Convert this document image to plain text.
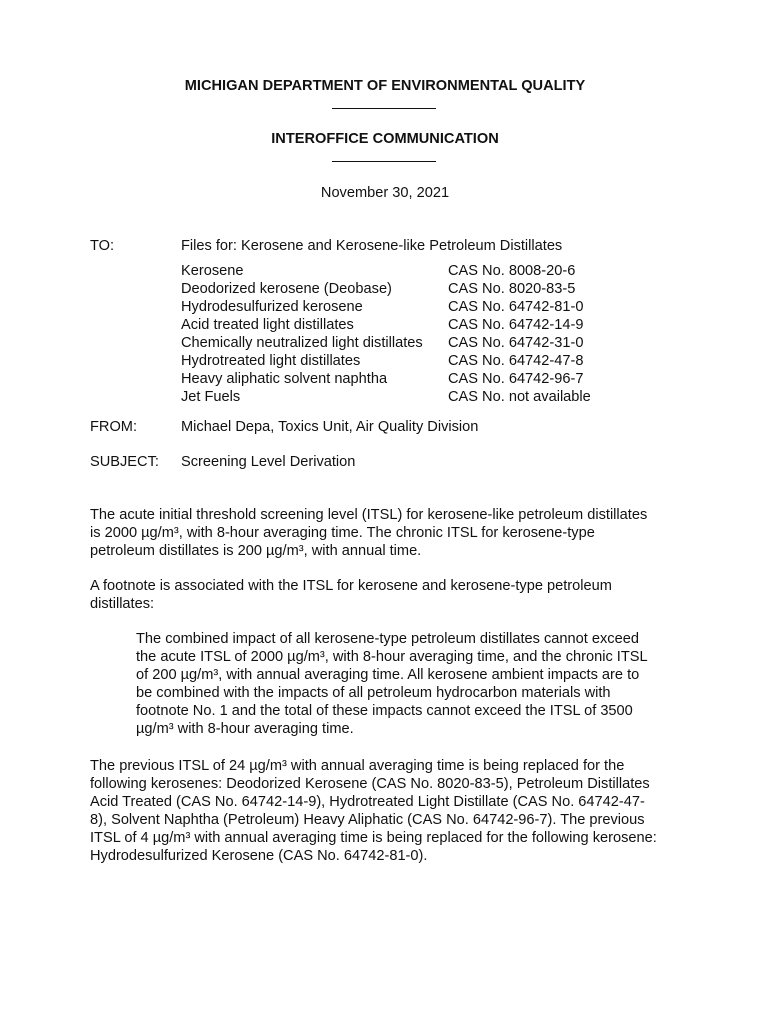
MICHIGAN DEPARTMENT OF ENVIRONMENTAL QUALITY
INTEROFFICE COMMUNICATION
November 30, 2021
TO:	Files for: Kerosene and Kerosene-like Petroleum Distillates
Kerosene	CAS No. 8008-20-6
Deodorized kerosene (Deobase)	CAS No. 8020-83-5
Hydrodesulfurized kerosene	CAS No. 64742-81-0
Acid treated light distillates	CAS No. 64742-14-9
Chemically neutralized light distillates	CAS No. 64742-31-0
Hydrotreated light distillates	CAS No. 64742-47-8
Heavy aliphatic solvent naphtha	CAS No. 64742-96-7
Jet Fuels	CAS No. not available
FROM:	Michael Depa, Toxics Unit, Air Quality Division
SUBJECT: Screening Level Derivation

The acute initial threshold screening level (ITSL) for kerosene-like petroleum distillates
is 2000 µg/m³, with 8-hour averaging time. The chronic ITSL for kerosene-type
petroleum distillates is 200 µg/m³, with annual time.

A footnote is associated with the ITSL for kerosene and kerosene-type petroleum
distillates:

The combined impact of all kerosene-type petroleum distillates cannot exceed
the acute ITSL of 2000 µg/m³, with 8-hour averaging time, and the chronic ITSL
of 200 µg/m³, with annual averaging time. All kerosene ambient impacts are to
be combined with the impacts of all petroleum hydrocarbon materials with
footnote No. 1 and the total of these impacts cannot exceed the ITSL of 3500
µg/m³ with 8-hour averaging time.

The previous ITSL of 24 µg/m³ with annual averaging time is being replaced for the
following kerosenes: Deodorized Kerosene (CAS No. 8020-83-5), Petroleum Distillates
Acid Treated (CAS No. 64742-14-9), Hydrotreated Light Distillate (CAS No. 64742-47-
8), Solvent Naphtha (Petroleum) Heavy Aliphatic (CAS No. 64742-96-7). The previous
ITSL of 4 µg/m³ with annual averaging time is being replaced for the following kerosene:
Hydrodesulfurized Kerosene (CAS No. 64742-81-0).
